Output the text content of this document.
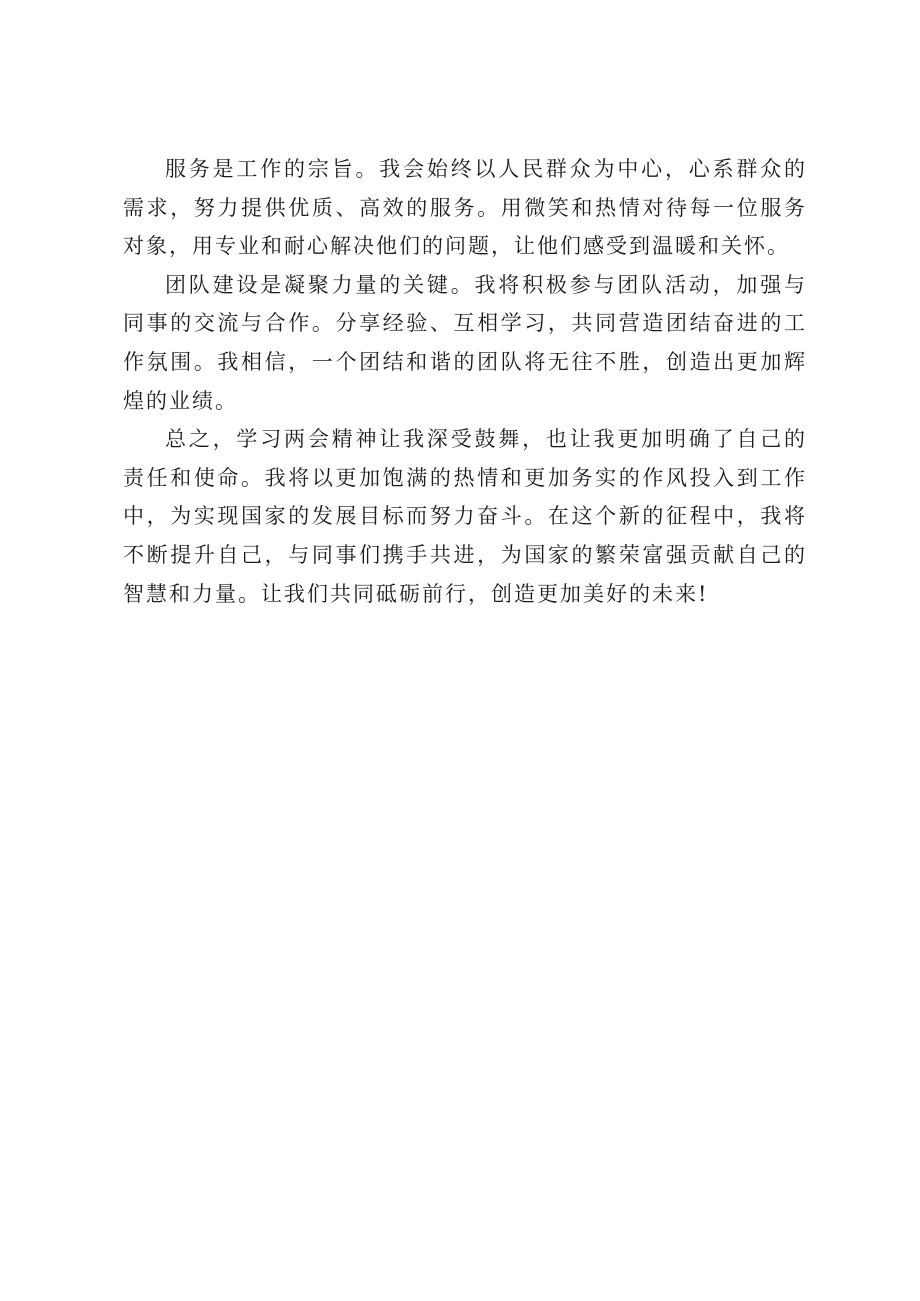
服务是工作的宗旨。我会始终以人民群众为中心，心系群众的需求，努力提供优质、高效的服务。用微笑和热情对待每一位服务对象，用专业和耐心解决他们的问题，让他们感受到温暖和关怀。

团队建设是凝聚力量的关键。我将积极参与团队活动，加强与同事的交流与合作。分享经验、互相学习，共同营造团结奋进的工作氛围。我相信，一个团结和谐的团队将无往不胜，创造出更加辉煌的业绩。

总之，学习两会精神让我深受鼓舞，也让我更加明确了自己的责任和使命。我将以更加饱满的热情和更加务实的作风投入到工作中，为实现国家的发展目标而努力奋斗。在这个新的征程中，我将不断提升自己，与同事们携手共进，为国家的繁荣富强贡献自己的智慧和力量。让我们共同砥砺前行，创造更加美好的未来!
